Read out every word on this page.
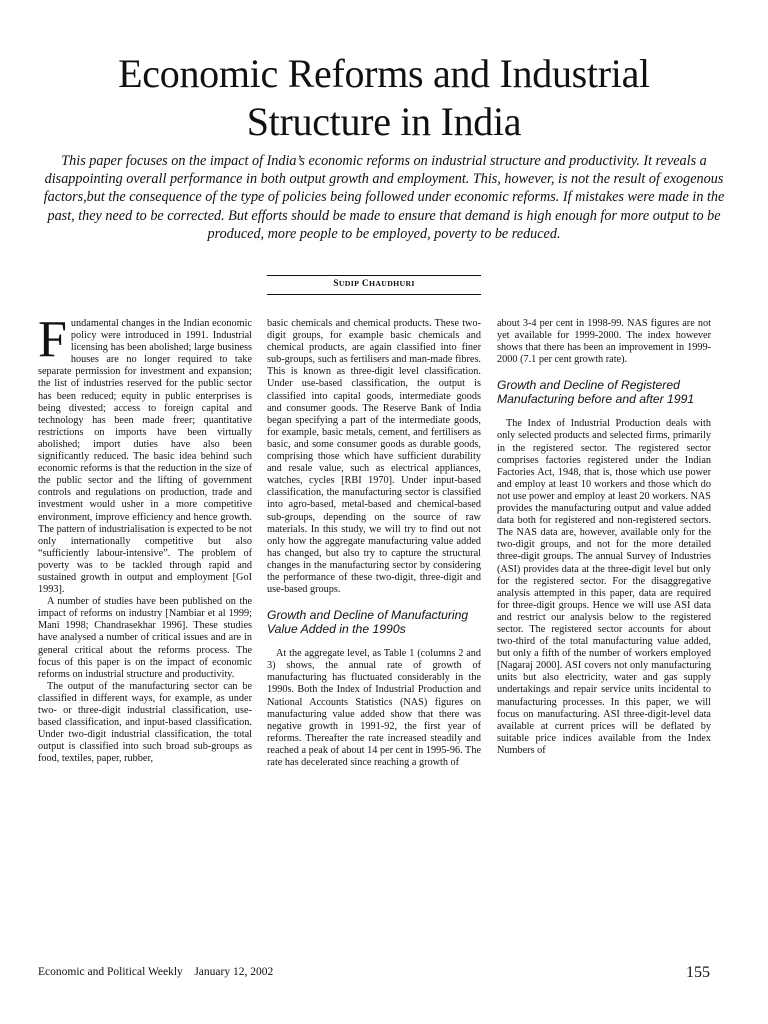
Economic Reforms and Industrial
Structure in India

This paper focuses on the impact of India’s economic reforms on industrial structure and productivity. It reveals a disappointing overall performance in both output growth and employment. This, however, is not the result of exogenous factors,but the consequence of the type of policies being followed under economic reforms. If mistakes were made in the past, they need to be corrected. But efforts should be made to ensure that demand is high enough for more output to be produced, more people to be employed, poverty to be reduced.

SUDIP CHAUDHURI

Fundamental changes in the Indian economic policy were introduced in 1991. Industrial licensing has been abolished; large business houses are no longer required to take separate permission for investment and expansion; the list of industries reserved for the public sector has been reduced; equity in public enterprises is being divested; access to foreign capital and technology has been made freer; quantitative restrictions on imports have been virtually abolished; import duties have also been significantly reduced. The basic idea behind such economic reforms is that the reduction in the size of the public sector and the lifting of government controls and regulations on production, trade and investment would usher in a more competitive environment, improve efficiency and hence growth. The pattern of industrialisation is expected to be not only internationally competitive but also “sufficiently labour-intensive”. The problem of poverty was to be tackled through rapid and sustained growth in output and employment [GoI 1993].

A number of studies have been published on the impact of reforms on industry [Nambiar et al 1999; Mani 1998; Chandrasekhar 1996]. These studies have analysed a number of critical issues and are in general critical about the reforms process. The focus of this paper is on the impact of economic reforms on industrial structure and productivity.

The output of the manufacturing sector can be classified in different ways, for example, as under two- or three-digit industrial classification, use-based classification, and input-based classification. Under two-digit industrial classification, the total output is classified into such broad sub-groups as food, textiles, paper, rubber,

basic chemicals and chemical products. These two-digit groups, for example basic chemicals and chemical products, are again classified into finer sub-groups, such as fertilisers and man-made fibres. This is known as three-digit level classification. Under use-based classification, the output is classified into capital goods, intermediate goods and consumer goods. The Reserve Bank of India began specifying a part of the intermediate goods, for example, basic metals, cement, and fertilisers as basic, and some consumer goods as durable goods, comprising those which have sufficient durability and resale value, such as electrical appliances, watches, cycles [RBI 1970]. Under input-based classification, the manufacturing sector is classified into agro-based, metal-based and chemical-based sub-groups, depending on the source of raw materials. In this study, we will try to find out not only how the aggregate manufacturing value added has changed, but also try to capture the structural changes in the manufacturing sector by considering the performance of these two-digit, three-digit and use-based groups.

Growth and Decline of Manufacturing Value Added in the 1990s

At the aggregate level, as Table 1 (columns 2 and 3) shows, the annual rate of growth of manufacturing has fluctuated considerably in the 1990s. Both the Index of Industrial Production and National Accounts Statistics (NAS) figures on manufacturing value added show that there was negative growth in 1991-92, the first year of reforms. Thereafter the rate increased steadily and reached a peak of about 14 per cent in 1995-96. The rate has decelerated since reaching a growth of

about 3-4 per cent in 1998-99. NAS figures are not yet available for 1999-2000. The index however shows that there has been an improvement in 1999-2000 (7.1 per cent growth rate).

Growth and Decline of Registered Manufacturing before and after 1991

The Index of Industrial Production deals with only selected products and selected firms, primarily in the registered sector. The registered sector comprises factories registered under the Indian Factories Act, 1948, that is, those which use power and employ at least 10 workers and those which do not use power and employ at least 20 workers. NAS provides the manufacturing output and value added data both for registered and non-registered sectors. The NAS data are, however, available only for the two-digit groups, and not for the more detailed three-digit groups. The annual Survey of Industries (ASI) provides data at the three-digit level but only for the registered sector. For the disaggregative analysis attempted in this paper, data are required for three-digit groups. Hence we will use ASI data and restrict our analysis below to the registered sector. The registered sector accounts for about two-third of the total manufacturing value added, but only a fifth of the number of workers employed [Nagaraj 2000]. ASI covers not only manufacturing units but also electricity, water and gas supply undertakings and repair service units incidental to manufacturing processes. In this paper, we will focus on manufacturing. ASI three-digit-level data available at current prices will be deflated by suitable price indices available from the Index Numbers of

Economic and Political Weekly January 12, 2002	155
